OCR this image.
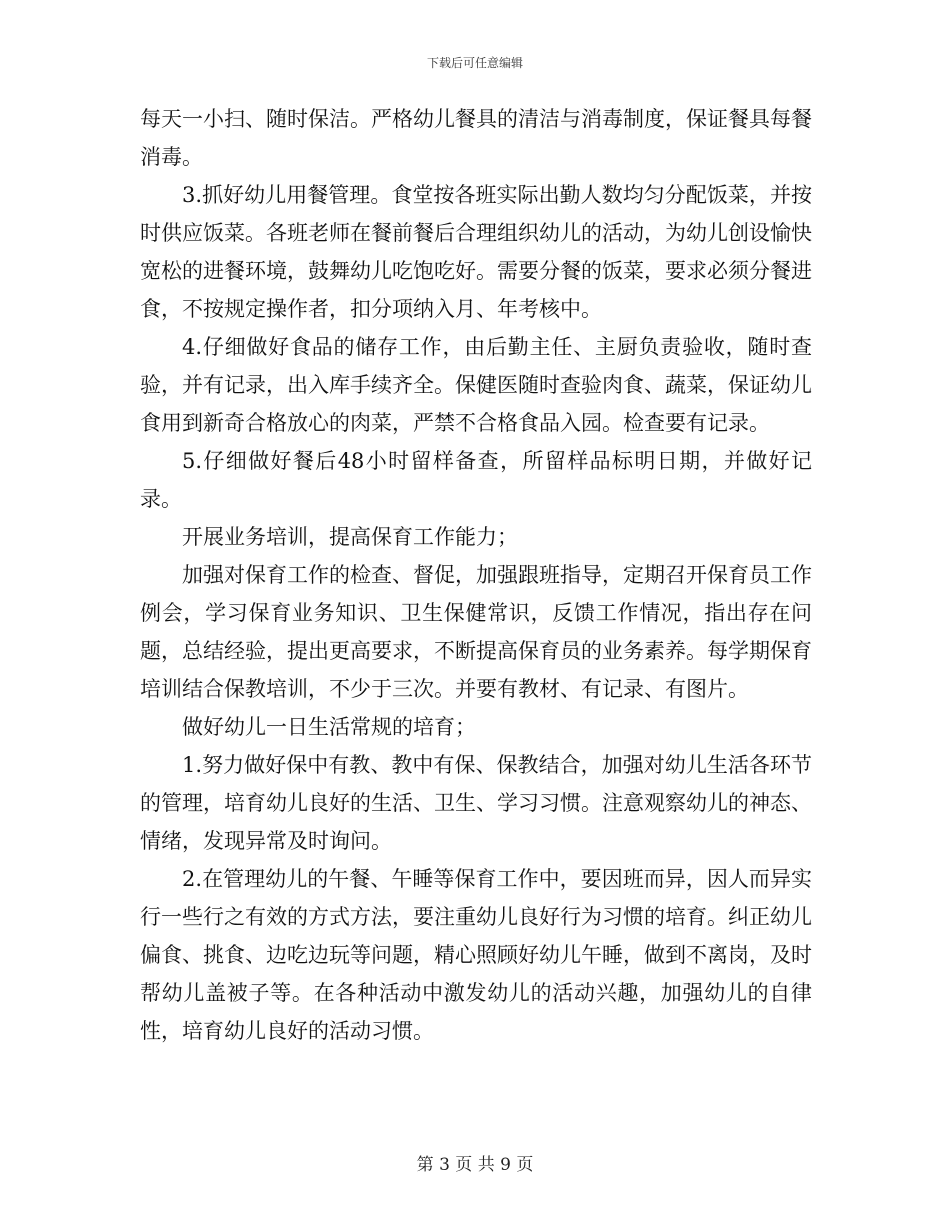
下载后可任意编辑

每天一小扫、随时保洁。严格幼儿餐具的清洁与消毒制度，保证餐具每餐消毒。

3.抓好幼儿用餐管理。食堂按各班实际出勤人数均匀分配饭菜，并按时供应饭菜。各班老师在餐前餐后合理组织幼儿的活动，为幼儿创设愉快宽松的进餐环境，鼓舞幼儿吃饱吃好。需要分餐的饭菜，要求必须分餐进食，不按规定操作者，扣分项纳入月、年考核中。

4.仔细做好食品的储存工作，由后勤主任、主厨负责验收，随时查验，并有记录，出入库手续齐全。保健医随时查验肉食、蔬菜，保证幼儿食用到新奇合格放心的肉菜，严禁不合格食品入园。检查要有记录。

5.仔细做好餐后48小时留样备查，所留样品标明日期，并做好记录。

开展业务培训，提高保育工作能力；

加强对保育工作的检查、督促，加强跟班指导，定期召开保育员工作例会，学习保育业务知识、卫生保健常识，反馈工作情况，指出存在问题，总结经验，提出更高要求，不断提高保育员的业务素养。每学期保育培训结合保教培训，不少于三次。并要有教材、有记录、有图片。

做好幼儿一日生活常规的培育；

1.努力做好保中有教、教中有保、保教结合，加强对幼儿生活各环节的管理，培育幼儿良好的生活、卫生、学习习惯。注意观察幼儿的神态、情绪，发现异常及时询问。

2.在管理幼儿的午餐、午睡等保育工作中，要因班而异，因人而异实行一些行之有效的方式方法，要注重幼儿良好行为习惯的培育。纠正幼儿偏食、挑食、边吃边玩等问题，精心照顾好幼儿午睡，做到不离岗，及时帮幼儿盖被子等。在各种活动中激发幼儿的活动兴趣，加强幼儿的自律性，培育幼儿良好的活动习惯。

第 3 页 共 9 页
